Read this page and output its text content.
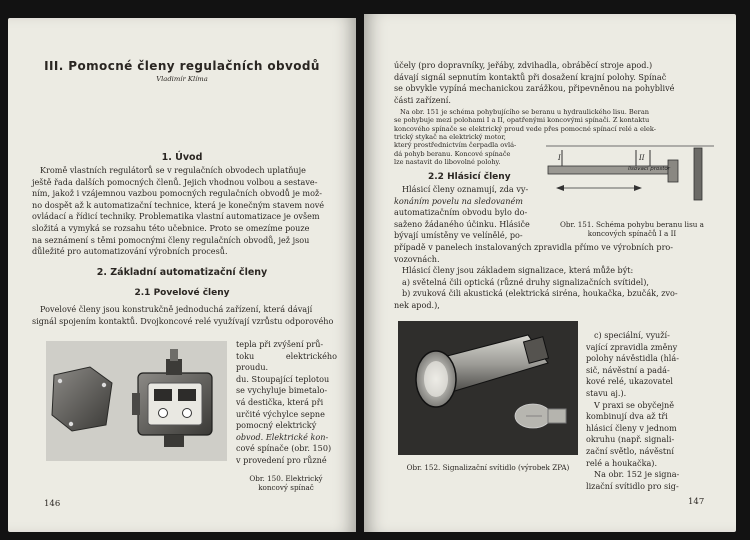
III. Pomocné členy regulačních obvodů
Vladimír Klíma
1. Úvod

Kromě vlastních regulátorů se v regulačních obvodech uplatňuje

ještě řada dalších pomocných členů. Jejich vhodnou volbou a sestave-

ním, jakož i vzájemnou vazbou pomocných regulačních obvodů je mož-

no dospět až k automatizační technice, která je konečným stavem nové

ovládací a řídicí techniky. Problematika vlastní automatizace je ovšem

složitá a vymyká se rozsahu této učebnice. Proto se omezíme pouze

na seznámení s těmi pomocnými členy regulačních obvodů, jež jsou

důležité pro automatizování výrobních procesů.

2. Základní automatizační členy
2.1 Povelové členy

Povelové členy jsou konstrukčně jednoduchá zařízení, která dávají

signál spojením kontaktů. Dvojkoncové relé využívají vzrůstu odporového

tepla při zvýšení prů-

toku elektrického proudu.

du. Stoupající teplotou

se vychyluje bimetalo-

vá destička, která při

určité výchylce sepne

pomocný elektrický

obvod. Elektrické kon-

cové spínače (obr. 150)

v provedení pro různé

Obr. 150. Elektrický koncový spínač
146

účely (pro dopravníky, jeřáby, zdvihadla, obráběcí stroje apod.)

dávají signál sepnutím kontaktů při dosažení krajní polohy. Spínač

se obvykle vypíná mechanickou zarážkou, připevněnou na pohyblivé

části zařízení.

Na obr. 151 je schéma pohybujícího se beranu u hydraulického lisu. Beran

se pohybuje mezi polohami I a II, opatřenými koncovými spínači. Z kontaktu

koncového spínače se elektrický proud vede přes pomocné spínací relé a elek-

trický stykač na elektrický motor,

který prostřednictvím čerpadla ovlá-

dá pohyb beranu. Koncové spínače

lze nastavit do libovolné polohy.

I	II
lisovací prostor
2.2 Hlásicí členy

Hlásicí členy oznamují, zda vy-

konáním povelu na sledovaném

automatizačním obvodu bylo do-

saženo žádaného účinku. Hlásiče

bývají umístěny ve velínělé, po-

Obr. 151. Schéma pohybu beranu lisu a koncových spínačů I a II

případě v panelech instalovaných zpravidla přímo ve výrobních pro-

vozovnách.

Hlásicí členy jsou základem signalizace, která může být:

a) světelná čili optická (různé druhy signalizačních svítidel),

b) zvuková čili akustická (elektrická siréna, houkačka, bzučák, zvo-

nek apod.),

c) speciální, využí-

vající zpravidla změny

polohy návěstidla (hlá-

sič, návěstní a padá-

kové relé, ukazovatel

stavu aj.).

V praxi se obyčejně

kombinují dva až tři

hlásicí členy v jednom

okruhu (např. signali-

zační světlo, návěstní

relé a houkačka).

Na obr. 152 je signa-

lizační svítidlo pro sig-

Obr. 152. Signalizační svítidlo (výrobek ZPA)
147
